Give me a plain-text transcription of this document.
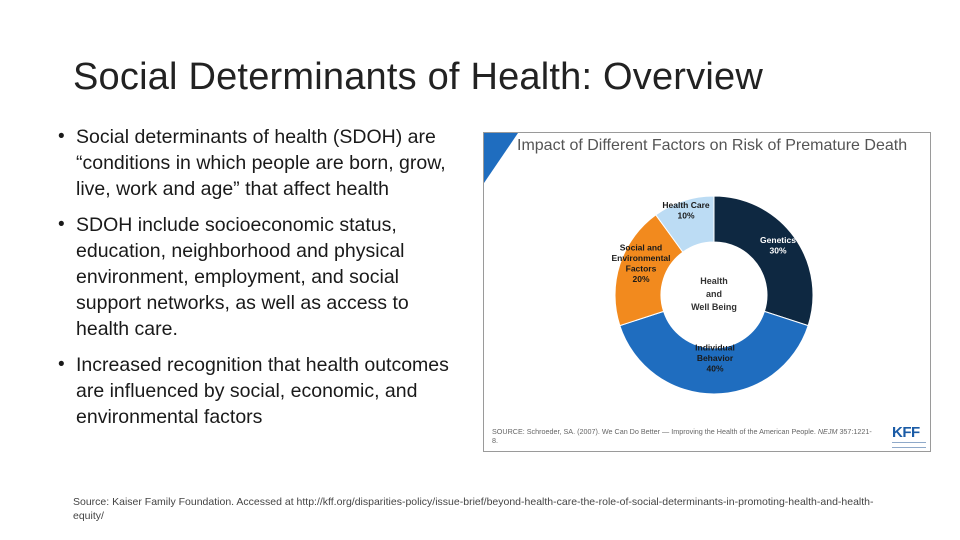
Social Determinants of Health: Overview
• Social determinants of health (SDOH) are “conditions in which people are born, grow, live, work and age” that affect health
• SDOH include socioeconomic status, education, neighborhood and physical environment, employment, and social support networks, as well as access to health care.
• Increased recognition that health outcomes are influenced by social, economic, and environmental factors
Impact of Different Factors on Risk of Premature Death
Genetics 30%
Individual Behavior 40%
Social and Environmental Factors 20%
Health Care 10%
Health and Well Being
SOURCE: Schroeder, SA. (2007). We Can Do Better — Improving the Health of the American People. NEJM 357:1221-8.	KFF
Source: Kaiser Family Foundation. Accessed at http://kff.org/disparities-policy/issue-brief/beyond-health-care-the-role-of-social-determinants-in-promoting-health-and-health-equity/
